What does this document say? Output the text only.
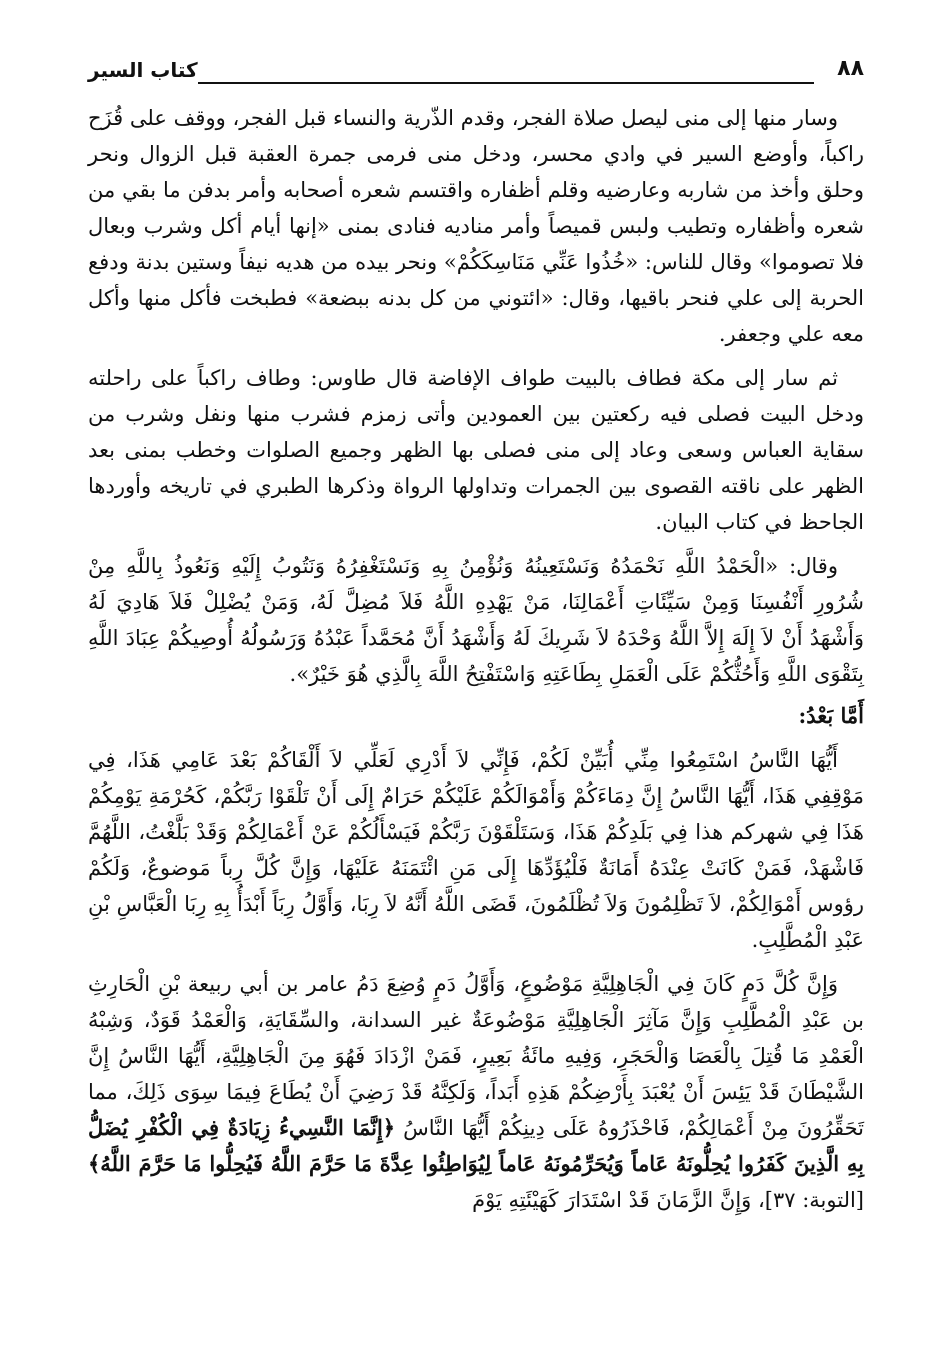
٨٨
كتاب السير

وسار منها إلى منى ليصل صلاة الفجر، وقدم الذّرية والنساء قبل الفجر، ووقف على قُزَح راكباً، وأوضع السير في وادي محسر، ودخل منى فرمى جمرة العقبة قبل الزوال ونحر وحلق وأخذ من شاربه وعارضيه وقلم أظفاره واقتسم شعره أصحابه وأمر بدفن ما بقي من شعره وأظفاره وتطيب ولبس قميصاً وأمر مناديه فنادى بمنى «إنها أيام أكل وشرب وبعال فلا تصوموا» وقال للناس: «خُذُوا عَنِّي مَنَاسِكَكُمْ» ونحر بيده من هديه نيفاً وستين بدنة ودفع الحربة إلى علي فنحر باقيها، وقال: «ائتوني من كل بدنه ببضعة» فطبخت فأكل منها وأكل معه علي وجعفر.

ثم سار إلى مكة فطاف بالبيت طواف الإفاضة قال طاوس: وطاف راكباً على راحلته ودخل البيت فصلى فيه ركعتين بين العمودين وأتى زمزم فشرب منها ونفل وشرب من سقاية العباس وسعى وعاد إلى منى فصلى بها الظهر وجميع الصلوات وخطب بمنى بعد الظهر على ناقته القصوى بين الجمرات وتداولها الرواة وذكرها الطبري في تاريخه وأوردها الجاحظ في كتاب البيان.

وقال: «الْحَمْدُ اللَّهِ نَحْمَدُهُ وَنَسْتَعِينُهُ وَنُؤْمِنُ بِهِ وَنَسْتَغْفِرُهُ وَنَتُوبُ إِلَيْهِ وَنَعُوذُ بِاللَّهِ مِنْ شُرُورِ أَنْفُسِنَا وَمِنْ سَيِّئَاتِ أَعْمَالِنَا، مَنْ يَهْدِهِ اللَّهُ فَلاَ مُضِلَّ لَهُ، وَمَنْ يُضْلِلْ فَلاَ هَادِيَ لَهُ وَأَشْهَدُ أَنْ لاَ إِلَهَ إِلاَّ اللَّهُ وَحْدَهُ لاَ شَرِيكَ لَهُ وَأَشْهَدُ أَنَّ مُحَمَّداً عَبْدُهُ وَرَسُولُهُ أُوصِيكُمْ عِبَادَ اللَّهِ بِتَقْوَى اللَّهِ وَأَحُثُّكُمْ عَلَى الْعَمَلِ بِطَاعَتِهِ وَاسْتَفْتِحُ اللَّهَ بِالَّذِي هُوَ خَيْرٌ».

أَمَّا بَعْدُ:

أَيُّهَا النَّاسُ اسْتَمِعُوا مِنِّي أُبَيِّنْ لَكُمْ، فَإِنِّي لاَ أَدْرِي لَعَلِّي لاَ أَلْقَاكُمْ بَعْدَ عَامِي هَذَا، فِي مَوْقِفِي هَذَا، أَيُّهَا النَّاسُ إِنَّ دِمَاءَكُمْ وَأَمْوَالَكُمْ عَلَيْكُمْ حَرَامٌ إِلَى أَنْ تَلْقَوْا رَبَّكُمْ، كَحُرْمَةِ يَوْمِكُمْ هَذَا فِي شهركم هذا فِي بَلَدِكُمْ هَذَا، وَسَتَلْقَوْنَ رَبَّكُمْ فَيَسْأَلُكُمْ عَنْ أَعْمَالِكُمْ وَقَدْ بَلَّغْتُ، اللَّهُمَّ فَاشْهَدْ، فَمَنْ كَانَتْ عِنْدَهُ أَمَانَةٌ فَلْيُؤَدِّهَا إِلَى مَنِ ائْتَمَنَهُ عَلَيْهَا، وَإِنَّ كُلَّ رِباً مَوضوعٌ، وَلَكُمْ رؤوس أَمْوَالِكُمْ، لاَ تَظْلِمُونَ وَلاَ تُظْلَمُونَ، قَضَى اللَّهُ أَنَّهُ لاَ رِبَا، وَأَوَّلُ رِبَاً أَبْدَأُ بِهِ رِبَا الْعَبَّاسِ بْنِ عَبْدِ الْمُطَّلِبِ.

وَإِنَّ كُلَّ دَمٍ كَانَ فِي الْجَاهِلِيَّةِ مَوْضُوعٍ، وَأَوَّلُ دَمٍ وُضِعَ دَمُ عامر بن أبي ربيعة بْنِ الْحَارِثِ بن عَبْدِ الْمُطَّلِبِ وَإِنَّ مَآثِرَ الْجَاهِلِيَّةِ مَوْضُوعَةٌ غير السدانة، والسِّقَايَةِ، وَالْعَمْدُ قَوَدٌ، وَشِبْهُ الْعَمْدِ مَا قُتِلَ بِالْعَصَا وَالْحَجَرِ، وَفِيهِ مائَةُ بَعِيرٍ، فَمَنْ ازْدَادَ فَهُوَ مِنَ الْجَاهِلِيَّةِ، أَيُّهَا النَّاسُ إِنَّ الشَّيْطَانَ قَدْ يَئِسَ أَنْ يُعْبَدَ بِأَرْضِكُمْ هَذِهِ أَبَداً، وَلَكِنَّهُ قَدْ رَضِيَ أَنْ يُطَاعَ فِيمَا سِوَى ذَلِكَ، مما تَحَقِّرُونَ مِنْ أَعْمَالِكُمْ، فَاحْذَرُوهُ عَلَى دِينِكُمْ أَيُّهَا النَّاسُ ﴿إِنَّمَا النَّسِيءُ زِيَادَةٌ فِي الْكُفْرِ يُضَلُّ بِهِ الَّذِينَ كَفَرُوا يُحِلُّونَهُ عَاماً وَيُحَرِّمُونَهُ عَاماً لِيُوَاطِئُوا عِدَّةَ مَا حَرَّمَ اللَّهُ فَيُحِلُّوا مَا حَرَّمَ اللَّهُ﴾ [التوبة: ٣٧]، وَإِنَّ الزَّمَانَ قَدْ اسْتَدَارَ كَهَيْئَتِهِ يَوْمَ
